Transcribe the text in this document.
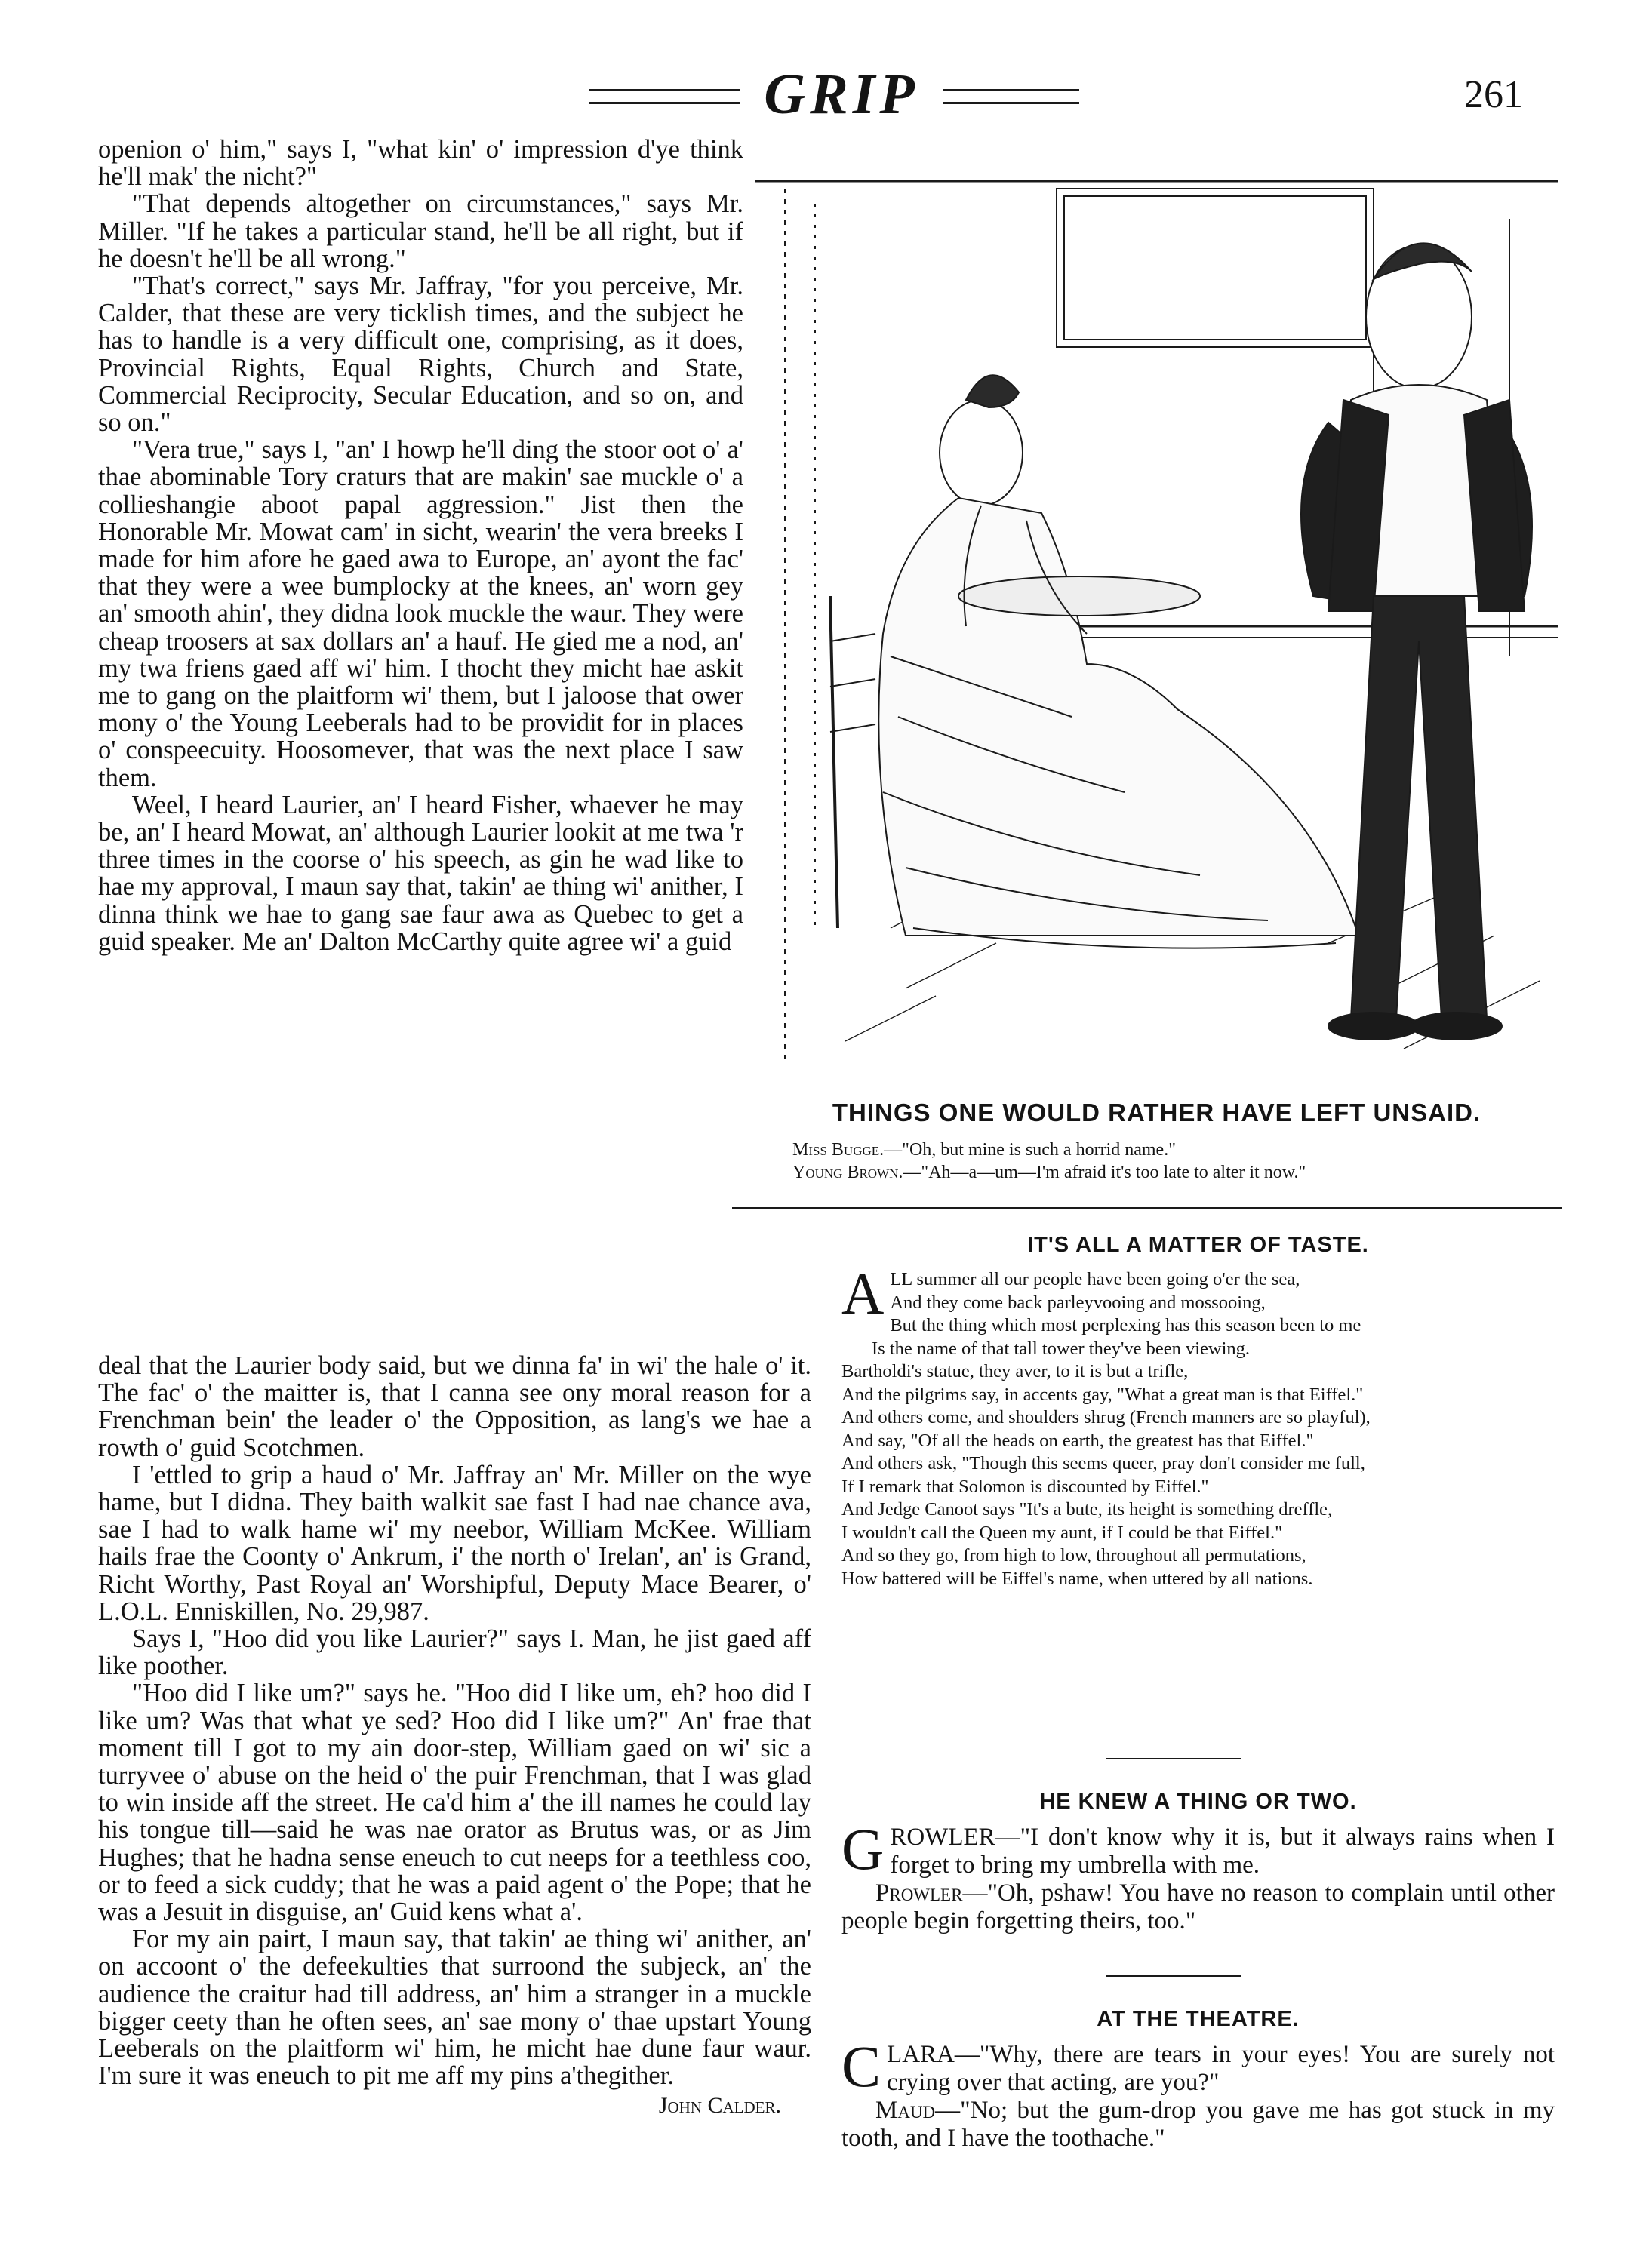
GRIP	261

openion o' him," says I, "what kin' o' impression d'ye think he'll mak' the nicht?"

"That depends altogether on circumstances," says Mr. Miller. "If he takes a particular stand, he'll be all right, but if he doesn't he'll be all wrong."

"That's correct," says Mr. Jaffray, "for you perceive, Mr. Calder, that these are very ticklish times, and the subject he has to handle is a very difficult one, comprising, as it does, Provincial Rights, Equal Rights, Church and State, Commercial Reciprocity, Secular Education, and so on, and so on."

"Vera true," says I, "an' I howp he'll ding the stoor oot o' a' thae abominable Tory craturs that are makin' sae muckle o' a collieshangie aboot papal aggression." Jist then the Honorable Mr. Mowat cam' in sicht, wearin' the vera breeks I made for him afore he gaed awa to Europe, an' ayont the fac' that they were a wee bumplocky at the knees, an' worn gey an' smooth ahin', they didna look muckle the waur. They were cheap troosers at sax dollars an' a hauf. He gied me a nod, an' my twa friens gaed aff wi' him. I thocht they micht hae askit me to gang on the plaitform wi' them, but I jaloose that ower mony o' the Young Leeberals had to be providit for in places o' conspeecuity. Hoosomever, that was the next place I saw them.

Weel, I heard Laurier, an' I heard Fisher, whaever he may be, an' I heard Mowat, an' although Laurier lookit at me twa 'r three times in the coorse o' his speech, as gin he wad like to hae my approval, I maun say that, takin' ae thing wi' anither, I dinna think we hae to gang sae faur awa as Quebec to get a guid speaker. Me an' Dalton McCarthy quite agree wi' a guid

deal that the Laurier body said, but we dinna fa' in wi' the hale o' it. The fac' o' the maitter is, that I canna see ony moral reason for a Frenchman bein' the leader o' the Opposition, as lang's we hae a rowth o' guid Scotchmen.

I 'ettled to grip a haud o' Mr. Jaffray an' Mr. Miller on the wye hame, but I didna. They baith walkit sae fast I had nae chance ava, sae I had to walk hame wi' my neebor, William McKee. William hails frae the Coonty o' Ankrum, i' the north o' Irelan', an' is Grand, Richt Worthy, Past Royal an' Worshipful, Deputy Mace Bearer, o' L.O.L. Enniskillen, No. 29,987.

Says I, "Hoo did you like Laurier?" says I. Man, he jist gaed aff like poother.

"Hoo did I like um?" says he. "Hoo did I like um, eh? hoo did I like um? Was that what ye sed? Hoo did I like um?" An' frae that moment till I got to my ain door-step, William gaed on wi' sic a turryvee o' abuse on the heid o' the puir Frenchman, that I was glad to win inside aff the street. He ca'd him a' the ill names he could lay his tongue till—said he was nae orator as Brutus was, or as Jim Hughes; that he hadna sense eneuch to cut neeps for a teethless coo, or to feed a sick cuddy; that he was a paid agent o' the Pope; that he was a Jesuit in disguise, an' Guid kens what a'.

For my ain pairt, I maun say, that takin' ae thing wi' anither, an' on accoont o' the defeekulties that surroond the subjeck, an' the audience the craitur had till address, an' him a stranger in a muckle bigger ceety than he often sees, an' sae mony o' thae upstart Young Leeberals on the plaitform wi' him, he micht hae dune faur waur. I'm sure it was eneuch to pit me aff my pins a'thegither.

John Calder.
THINGS ONE WOULD RATHER HAVE LEFT UNSAID.
Miss Bugge.—"Oh, but mine is such a horrid name."
Young Brown.—"Ah—a—um—I'm afraid it's too late to alter it now."
IT'S ALL A MATTER OF TASTE.
A LL summer all our people have been going o'er the sea,
And they come back parleyvooing and mossooing,
But the thing which most perplexing has this season been to me
Is the name of that tall tower they've been viewing.
Bartholdi's statue, they aver, to it is but a trifle,
And the pilgrims say, in accents gay, "What a great man is that Eiffel."
And others come, and shoulders shrug (French manners are so playful),
And say, "Of all the heads on earth, the greatest has that Eiffel."
And others ask, "Though this seems queer, pray don't consider me full,
If I remark that Solomon is discounted by Eiffel."
And Jedge Canoot says "It's a bute, its height is something dreffle,
I wouldn't call the Queen my aunt, if I could be that Eiffel."
And so they go, from high to low, throughout all permutations,
How battered will be Eiffel's name, when uttered by all nations.
HE KNEW A THING OR TWO.
G ROWLER—"I don't know why it is, but it always rains when I forget to bring my umbrella with me.

Prowler—"Oh, pshaw! You have no reason to complain until other people begin forgetting theirs, too."

AT THE THEATRE.
C LARA—"Why, there are tears in your eyes! You are surely not crying over that acting, are you?"

Maud—"No; but the gum-drop you gave me has got stuck in my tooth, and I have the toothache."
